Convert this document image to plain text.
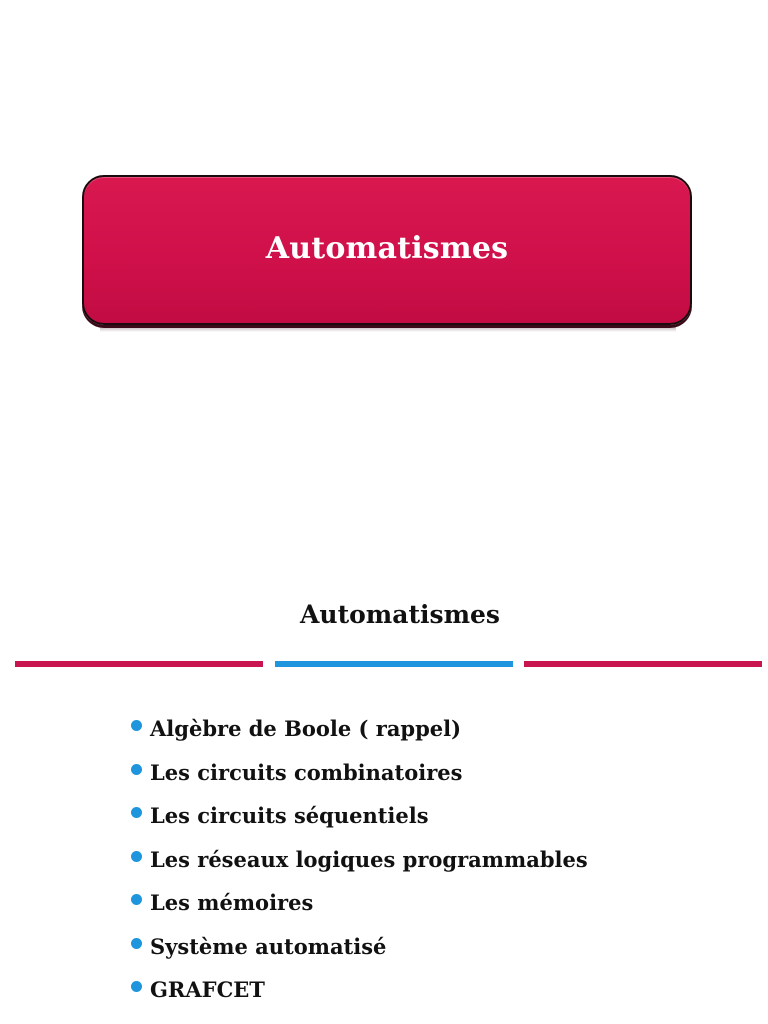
Automatismes
Automatismes
Algèbre de Boole ( rappel)
Les circuits combinatoires
Les circuits séquentiels
Les réseaux logiques programmables
Les mémoires
Système automatisé
GRAFCET
